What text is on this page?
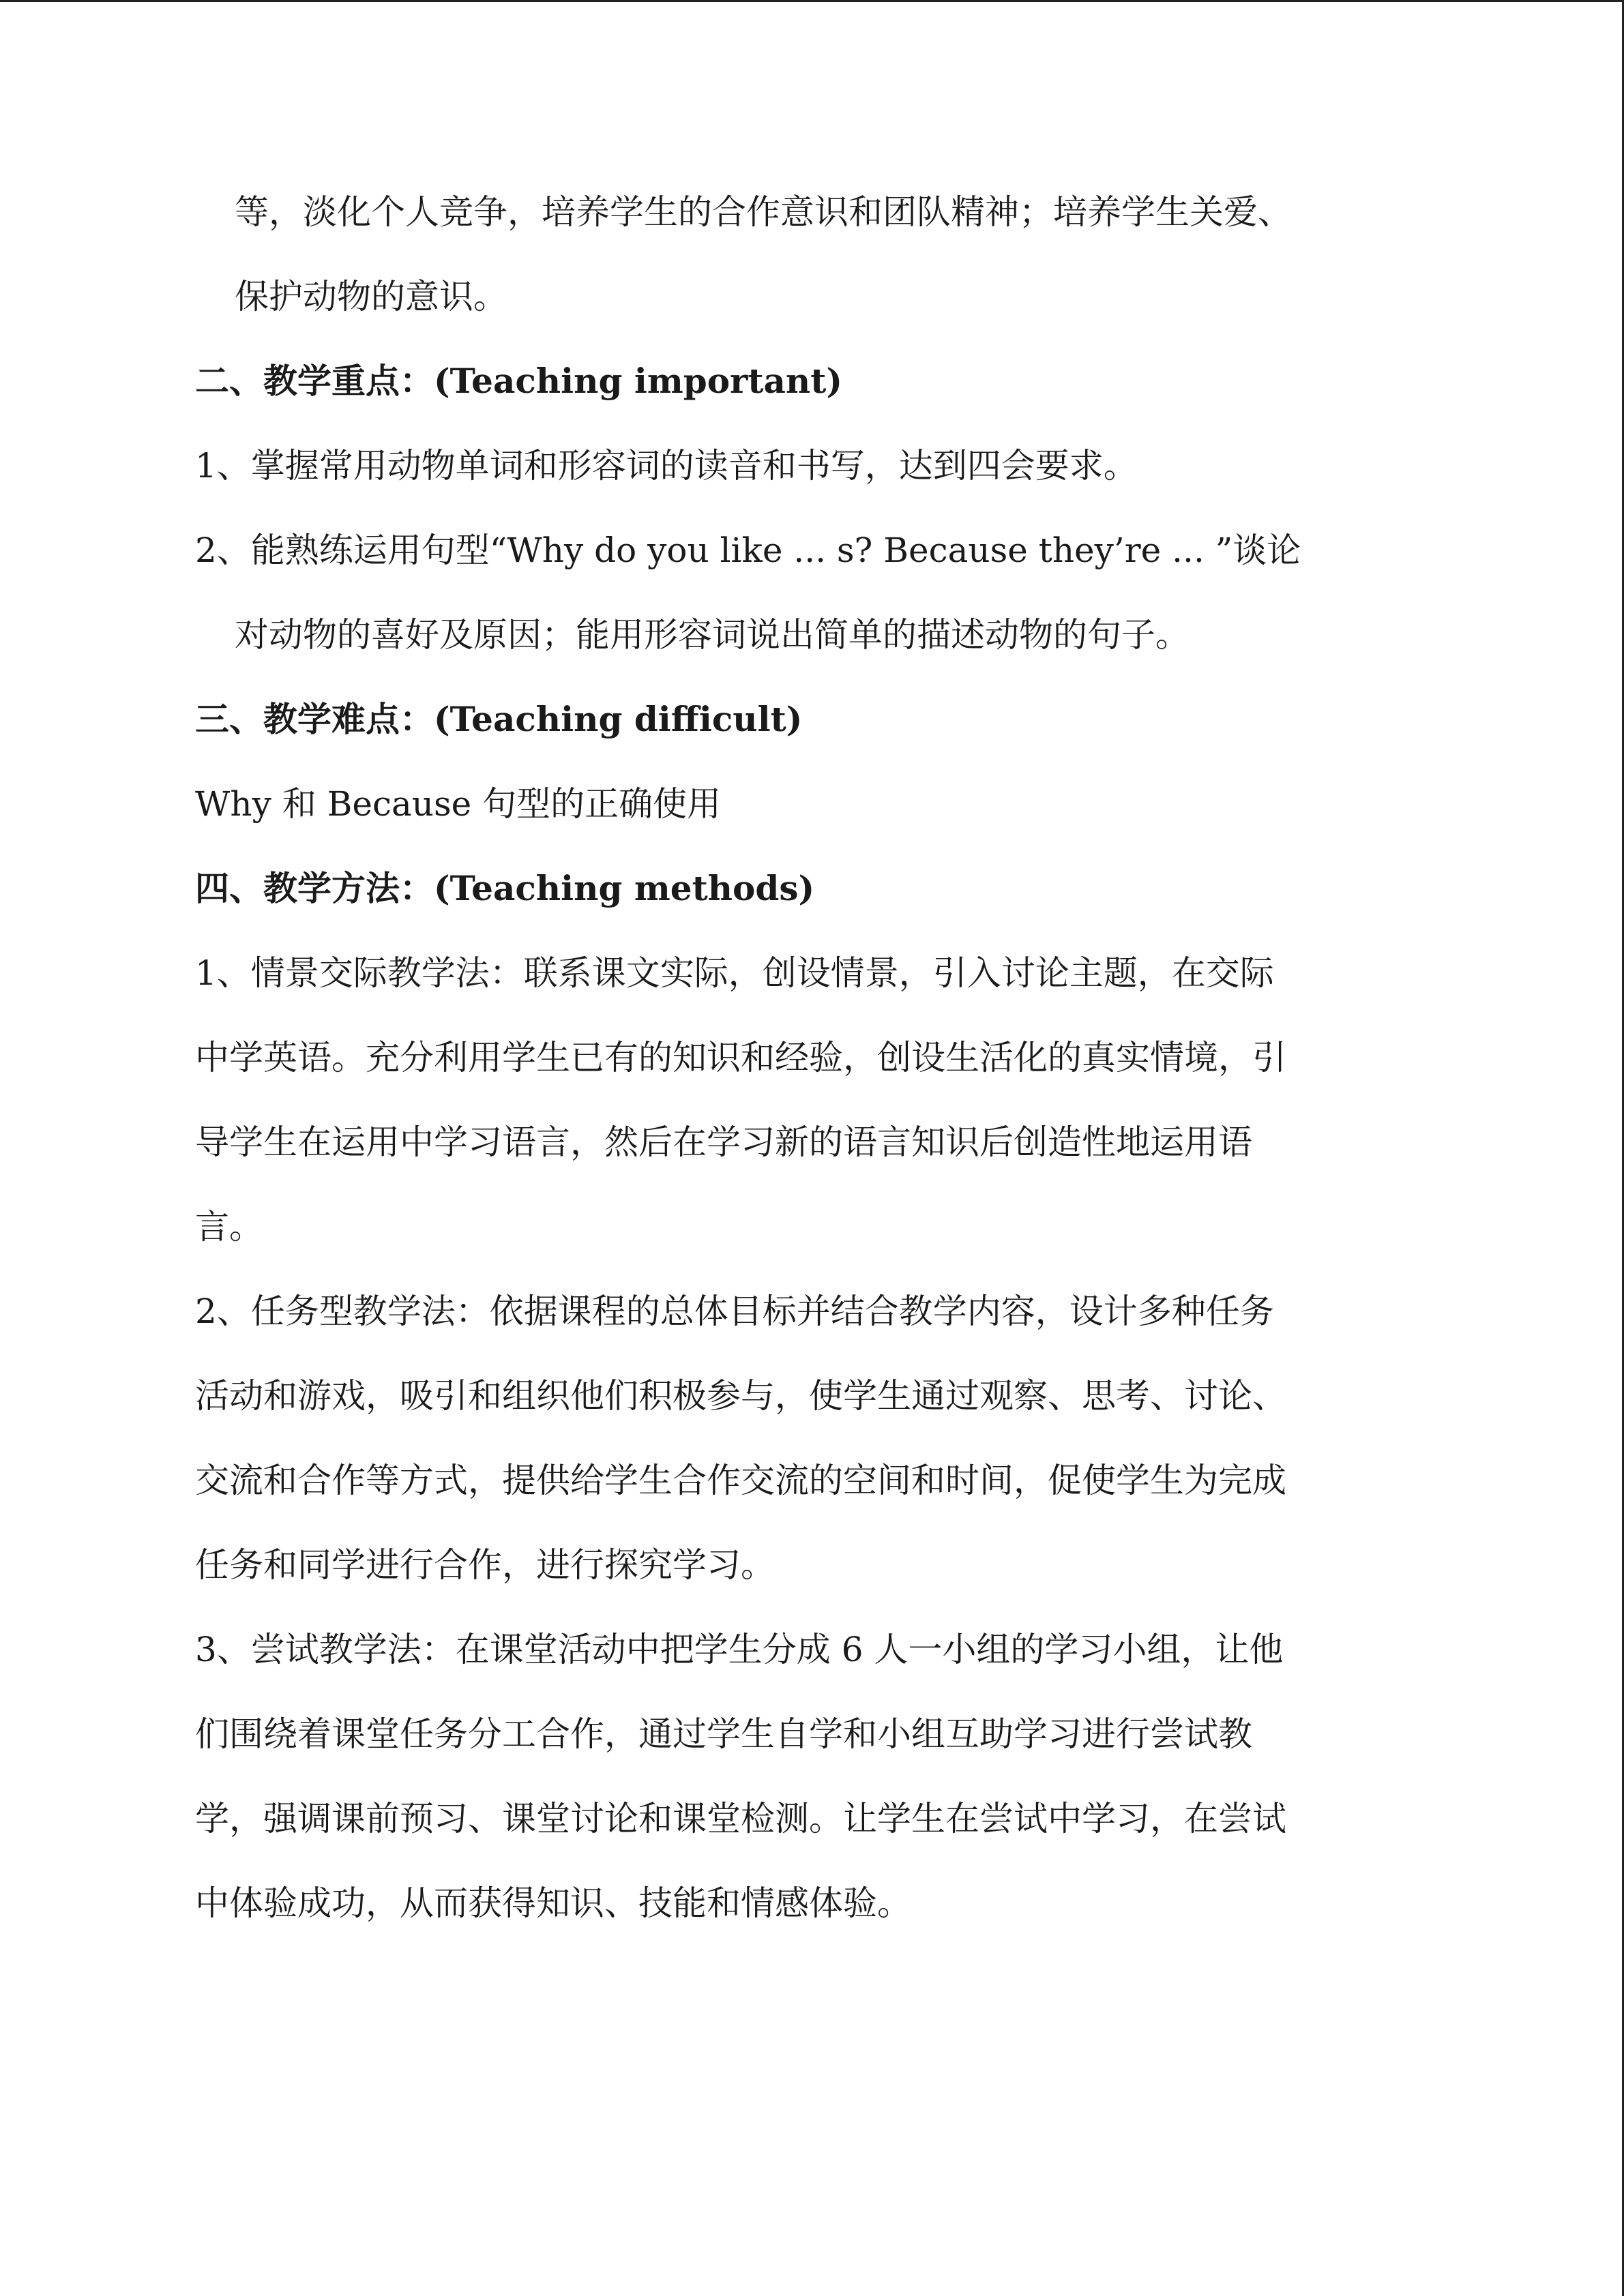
等，淡化个人竞争，培养学生的合作意识和团队精神；培养学生关爱、
保护动物的意识。
二、教学重点：(Teaching important)
1、掌握常用动物单词和形容词的读音和书写，达到四会要求。
2、能熟练运用句型“Why do you like ... s? Because they’re ... ”谈论
对动物的喜好及原因；能用形容词说出简单的描述动物的句子。
三、教学难点：(Teaching difficult)
Why 和 Because 句型的正确使用
四、教学方法：(Teaching methods)
1、情景交际教学法：联系课文实际，创设情景，引入讨论主题，在交际
中学英语。充分利用学生已有的知识和经验，创设生活化的真实情境，引
导学生在运用中学习语言，然后在学习新的语言知识后创造性地运用语
言。
2、任务型教学法：依据课程的总体目标并结合教学内容，设计多种任务
活动和游戏，吸引和组织他们积极参与，使学生通过观察、思考、讨论、
交流和合作等方式，提供给学生合作交流的空间和时间，促使学生为完成
任务和同学进行合作，进行探究学习。
3、尝试教学法：在课堂活动中把学生分成 6 人一小组的学习小组，让他
们围绕着课堂任务分工合作，通过学生自学和小组互助学习进行尝试教
学，强调课前预习、课堂讨论和课堂检测。让学生在尝试中学习，在尝试
中体验成功，从而获得知识、技能和情感体验。
